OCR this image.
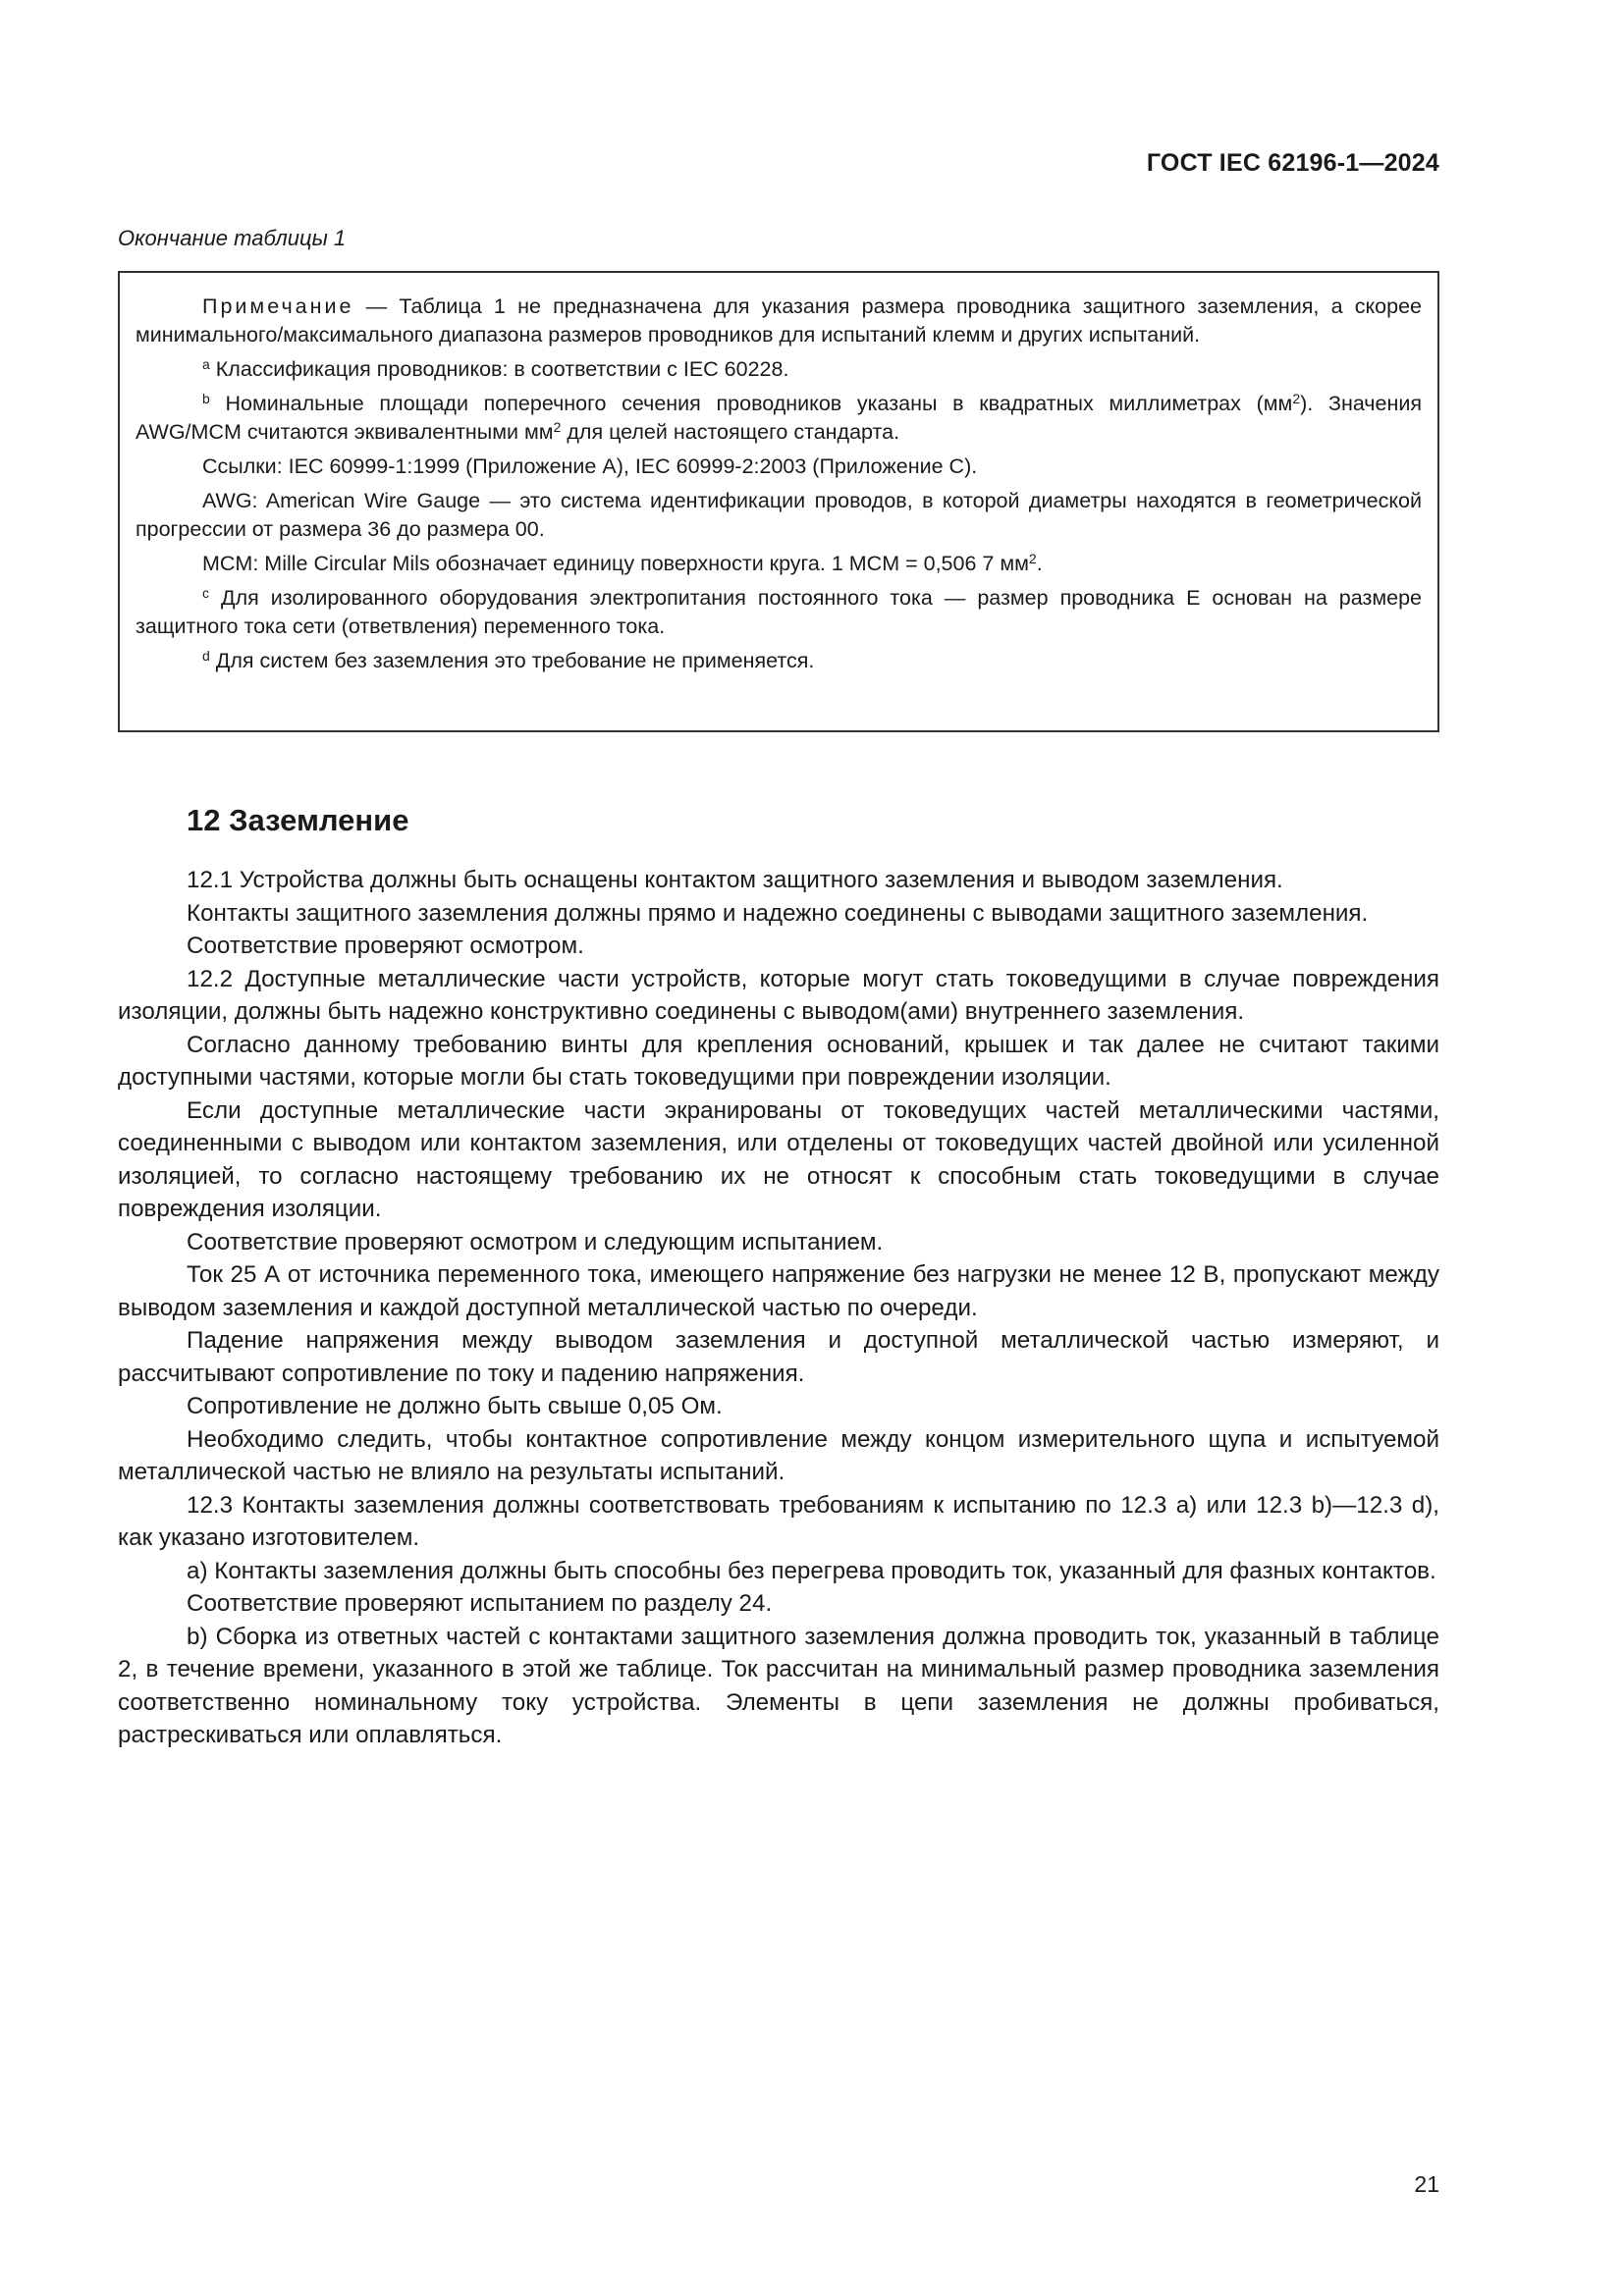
ГОСТ IEC 62196-1—2024
Окончание таблицы 1

Примечание — Таблица 1 не предназначена для указания размера проводника защитного заземления, а скорее минимального/максимального диапазона размеров проводников для испытаний клемм и других испытаний.

$^a$ Классификация проводников: в соответствии с IEC 60228.

$^b$ Номинальные площади поперечного сечения проводников указаны в квадратных миллиметрах $(мм^2)$. Значения AWG/MCM считаются эквивалентными $мм^2$ для целей настоящего стандарта.

Ссылки: IEC 60999-1:1999 (Приложение A), IEC 60999-2:2003 (Приложение C).

AWG: American Wire Gauge — это система идентификации проводов, в которой диаметры находятся в геометрической прогрессии от размера 36 до размера 00.

MCM: Mille Circular Mils обозначает единицу поверхности круга. 1 MCM = 0,506 7 $мм^2$.

$^c$ Для изолированного оборудования электропитания постоянного тока — размер проводника E основан на размере защитного тока сети (ответвления) переменного тока.

$^d$ Для систем без заземления это требование не применяется.

12 Заземление

12.1 Устройства должны быть оснащены контактом защитного заземления и выводом заземления.

Контакты защитного заземления должны прямо и надежно соединены с выводами защитного заземления.

Соответствие проверяют осмотром.

12.2 Доступные металлические части устройств, которые могут стать токоведущими в случае повреждения изоляции, должны быть надежно конструктивно соединены с выводом(ами) внутреннего заземления.

Согласно данному требованию винты для крепления оснований, крышек и так далее не считают такими доступными частями, которые могли бы стать токоведущими при повреждении изоляции.

Если доступные металлические части экранированы от токоведущих частей металлическими частями, соединенными с выводом или контактом заземления, или отделены от токоведущих частей двойной или усиленной изоляцией, то согласно настоящему требованию их не относят к способным стать токоведущими в случае повреждения изоляции.

Соответствие проверяют осмотром и следующим испытанием.

Ток 25 А от источника переменного тока, имеющего напряжение без нагрузки не менее 12 В, пропускают между выводом заземления и каждой доступной металлической частью по очереди.

Падение напряжения между выводом заземления и доступной металлической частью измеряют, и рассчитывают сопротивление по току и падению напряжения.

Сопротивление не должно быть свыше 0,05 Ом.

Необходимо следить, чтобы контактное сопротивление между концом измерительного щупа и испытуемой металлической частью не влияло на результаты испытаний.

12.3 Контакты заземления должны соответствовать требованиям к испытанию по 12.3 а) или 12.3 b)—12.3 d), как указано изготовителем.

a) Контакты заземления должны быть способны без перегрева проводить ток, указанный для фазных контактов.

Соответствие проверяют испытанием по разделу 24.

b) Сборка из ответных частей с контактами защитного заземления должна проводить ток, указанный в таблице 2, в течение времени, указанного в этой же таблице. Ток рассчитан на минимальный размер проводника заземления соответственно номинальному току устройства. Элементы в цепи заземления не должны пробиваться, растрескиваться или оплавляться.

21
